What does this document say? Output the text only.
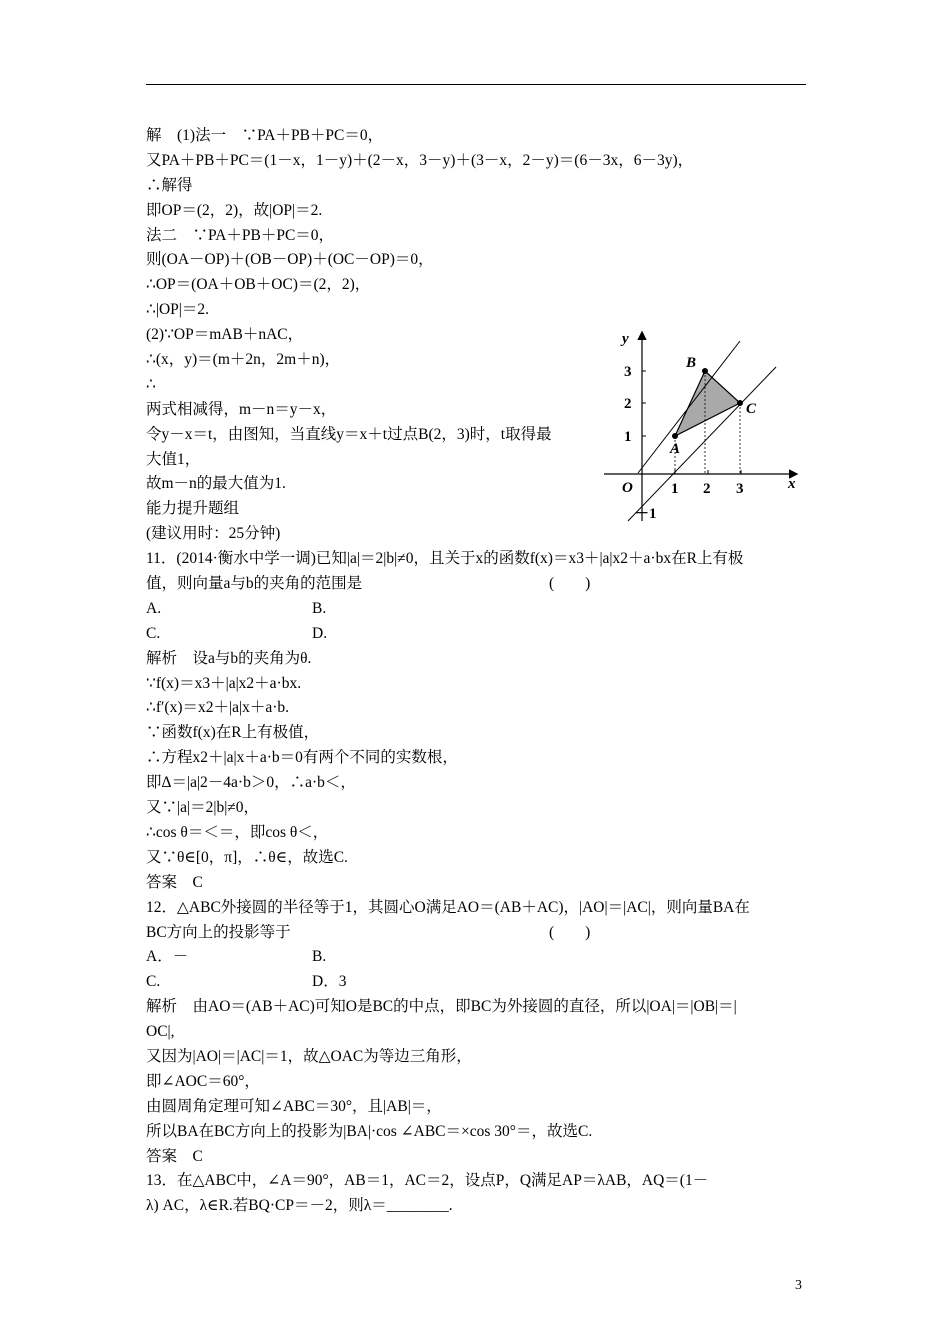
解　(1)法一　∵PA＋PB＋PC＝0，
又PA＋PB＋PC＝(1－x，1－y)＋(2－x，3－y)＋(3－x，2－y)＝(6－3x，6－3y)，
∴解得
即OP＝(2，2)，故|OP|＝2.
法二　∵PA＋PB＋PC＝0，
则(OA－OP)＋(OB－OP)＋(OC－OP)＝0，
∴OP＝(OA＋OB＋OC)＝(2，2)，
∴|OP|＝2.
(2)∵OP＝mAB＋nAC，
∴(x，y)＝(m＋2n，2m＋n)，
∴
两式相减得，m－n＝y－x，
令y－x＝t，由图知，当直线y＝x＋t过点B(2，3)时，t取得最
大值1，
故m－n的最大值为1.
能力提升题组
(建议用时：25分钟)
11．(2014·衡水中学一调)已知|a|＝2|b|≠0，且关于x的函数f(x)＝x3＋|a|x2＋a·bx在R上有极
值，则向量a与b的夹角的范围是	(　　)
A.	B.
C.	D.
解析　设a与b的夹角为θ.
∵f(x)＝x3＋|a|x2＋a·bx.
∴f′(x)＝x2＋|a|x＋a·b.
∵函数f(x)在R上有极值，
∴方程x2＋|a|x＋a·b＝0有两个不同的实数根，
即Δ＝|a|2－4a·b＞0，∴a·b＜，
又∵|a|＝2|b|≠0，
∴cos θ＝＜＝，即cos θ＜，
又∵θ∈[0，π]，∴θ∈，故选C.
答案　C
12．△ABC外接圆的半径等于1，其圆心O满足AO＝(AB＋AC)，|AO|＝|AC|，则向量BA在
BC方向上的投影等于	(　　)
A．－	B.
C.	D．3
解析　由AO＝(AB＋AC)可知O是BC的中点，即BC为外接圆的直径，所以|OA|＝|OB|＝|
OC|,
又因为|AO|＝|AC|＝1，故△OAC为等边三角形，
即∠AOC＝60°，
由圆周角定理可知∠ABC＝30°，且|AB|＝，
所以BA在BC方向上的投影为|BA|·cos ∠ABC＝×cos 30°＝，故选C.
答案　C
13．在△ABC中，∠A＝90°，AB＝1，AC＝2，设点P，Q满足AP＝λAB，AQ＝(1－
λ) AC，λ∈R.若BQ·CP＝－2，则λ＝________.
y
x
O	1 2 3
1
2
3
－1
A
B
C
3
